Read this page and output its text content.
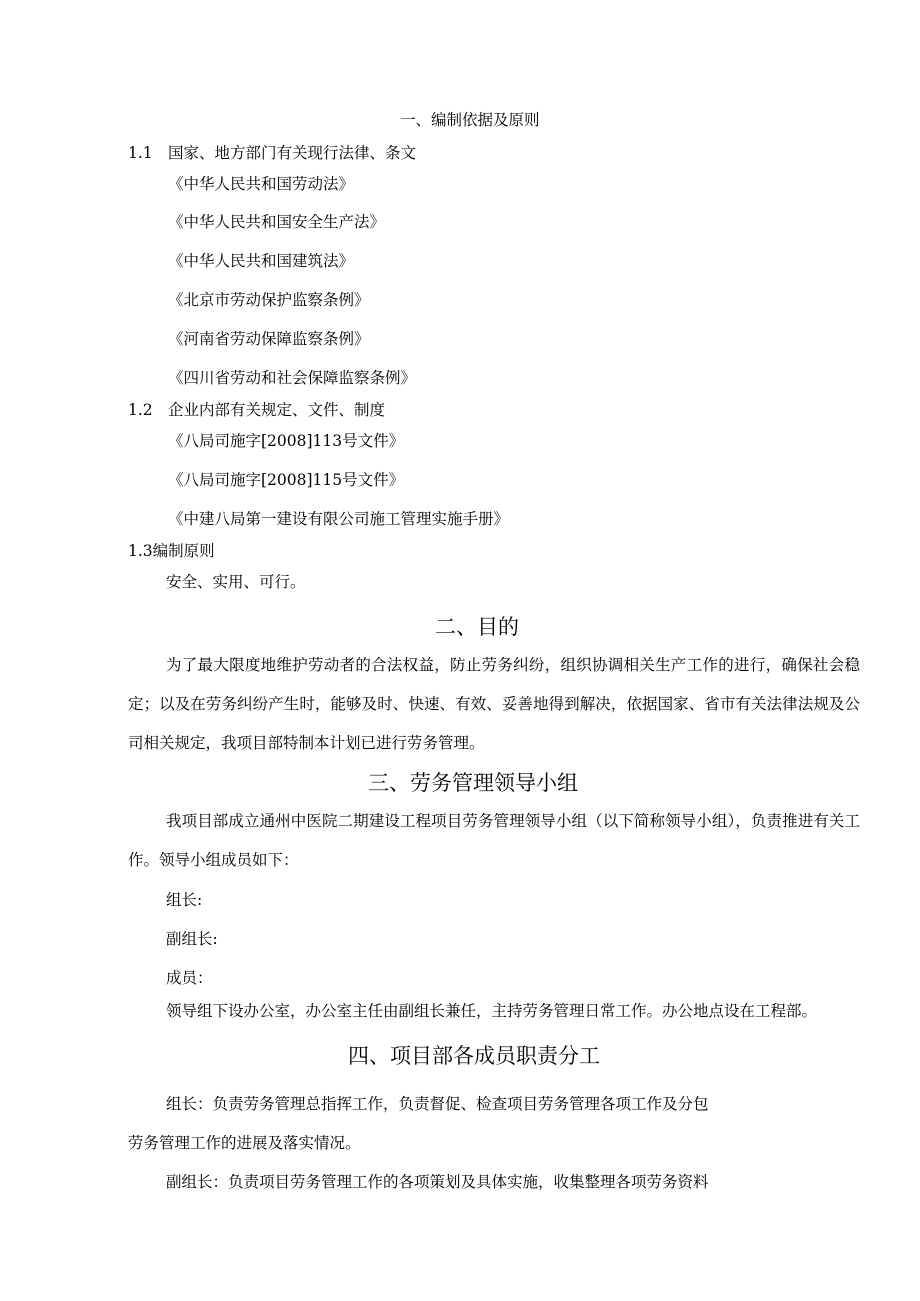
一、编制依据及原则
1.1 国家、地方部门有关现行法律、条文
《中华人民共和国劳动法》
《中华人民共和国安全生产法》
《中华人民共和国建筑法》
《北京市劳动保护监察条例》
《河南省劳动保障监察条例》
《四川省劳动和社会保障监察条例》
1.2 企业内部有关规定、文件、制度
《八局司施字[2008]113号文件》
《八局司施字[2008]115号文件》
《中建八局第一建设有限公司施工管理实施手册》
1.3编制原则
安全、实用、可行。
二、目的
为了最大限度地维护劳动者的合法权益，防止劳务纠纷，组织协调相关生产工作的进行，确保社会稳定；以及在劳务纠纷产生时，能够及时、快速、有效、妥善地得到解决，依据国家、省市有关法律法规及公司相关规定，我项目部特制本计划已进行劳务管理。
三、劳务管理领导小组
我项目部成立通州中医院二期建设工程项目劳务管理领导小组（以下简称领导小组），负责推进有关工作。领导小组成员如下：
组长:
副组长:
成员：
领导组下设办公室，办公室主任由副组长兼任，主持劳务管理日常工作。办公地点设在工程部。
四、项目部各成员职责分工
组长：负责劳务管理总指挥工作，负责督促、检查项目劳务管理各项工作及分包
劳务管理工作的进展及落实情况。
副组长：负责项目劳务管理工作的各项策划及具体实施，收集整理各项劳务资料
